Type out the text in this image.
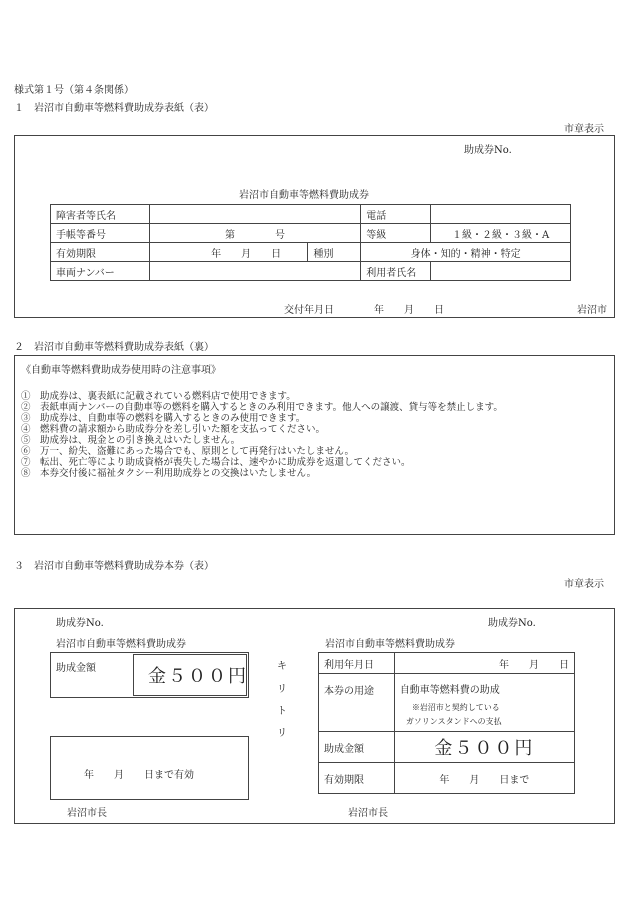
様式第１号（第４条関係）
１　岩沼市自動車等燃料費助成券表紙（表）
市章表示
助成券No.
岩沼市自動車等燃料費助成券
障害者等氏名			電話	
手帳等番号	第　　　　号		等級	１級・２級・３級・A
有効期限	年　　月　　日	種別	身体・知的・精神・特定	
車両ナンバー			利用者氏名	
交付年月日　　　　年　　月　　日	岩沼市
２　岩沼市自動車等燃料費助成券表紙（裏）
《自動車等燃料費助成券使用時の注意事項》
①　助成券は、裏表紙に記載されている燃料店で使用できます。
②　表紙車両ナンバーの自動車等の燃料を購入するときのみ利用できます。他人への譲渡、貸与等を禁止します。
③　助成券は、自動車等の燃料を購入するときのみ使用できます。
④　燃料費の請求額から助成券分を差し引いた額を支払ってください。
⑤　助成券は、現金との引き換えはいたしません。
⑥　万一、紛失、盗難にあった場合でも、原則として再発行はいたしません。
⑦　転出、死亡等により助成資格が喪失した場合は、速やかに助成券を返還してください。
⑧　本券交付後に福祉タクシー利用助成券との交換はいたしません。
３　岩沼市自動車等燃料費助成券本券（表）
市章表示
助成券No.
岩沼市自動車等燃料費助成券
助成金額	金５００円
年　　月　　日まで有効
岩沼市長
キ
リ
ト
リ
助成券No.
岩沼市自動車等燃料費助成券
利用年月日	年　　月　　日
本券の用途	自動車等燃料費の助成
※岩沼市と契約している
ガソリンスタンドへの支払

助成金額	金５００円
有効期限	年　　月　　日まで
岩沼市長
